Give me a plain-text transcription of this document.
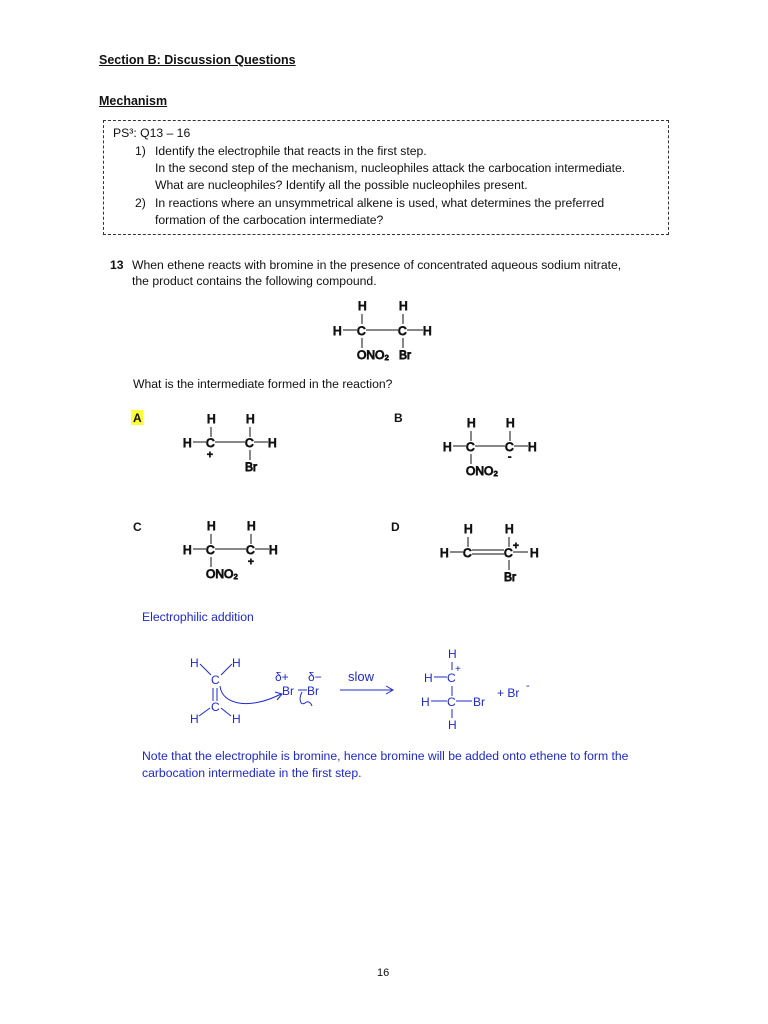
Section B: Discussion Questions
Mechanism
PS³: Q13 – 16
1) Identify the electrophile that reacts in the first step.
In the second step of the mechanism, nucleophiles attack the carbocation intermediate.
What are nucleophiles? Identify all the possible nucleophiles present.
2) In reactions where an unsymmetrical alkene is used, what determines the preferred
formation of the carbocation intermediate?
13 When ethene reacts with bromine in the presence of concentrated aqueous sodium nitrate,
the product contains the following compound.
What is the intermediate formed in the reaction?
H	H
H C	C H
ONO₂ Br
A	H	H
H C	C H
+
Br
B	H	H
H C	C H
-
ONO₂
C	H	H
H C	C H
+
ONO₂
D	H	H
+
H C	C H
Br
H	H
C
C
H	H
δ+ δ−
Br Br
slow
H
+
H C
H C Br
H
+ Br -
Electrophilic addition
Note that the electrophile is bromine, hence bromine will be added onto ethene to form the
carbocation intermediate in the first step.
16
